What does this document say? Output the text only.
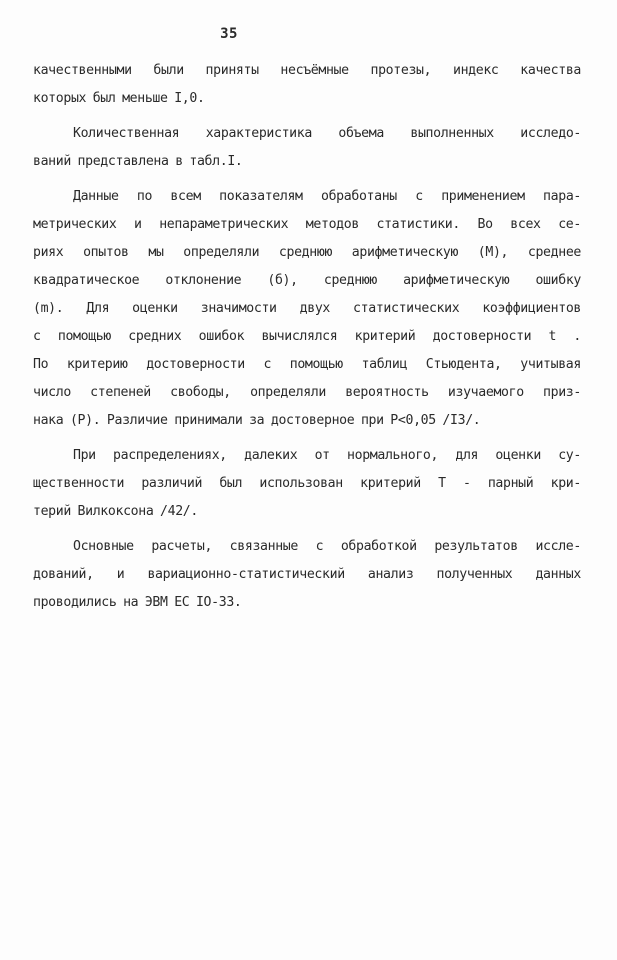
35
качественными были приняты несъёмные протезы, индекс качества
которых был меньше I,0.
Количественная характеристика объема выполненных исследо-
ваний представлена в табл.I.
Данные по всем показателям обработаны с применением пара-
метрических и непараметрических методов статистики. Во всех се-
риях опытов мы определяли среднюю арифметическую (М), среднее
квадратическое отклонение (б), среднюю арифметическую ошибку
(m). Для оценки значимости двух статистических коэффициентов
с помощью средних ошибок вычислялся критерий достоверности t .
По критерию достоверности с помощью таблиц Стьюдента, учитывая
число степеней свободы, определяли вероятность изучаемого приз-
нака (Р). Различие принимали за достоверное при Р<0,05 /I3/.
При распределениях, далеких от нормального, для оценки су-
щественности различий был использован критерий Т - парный кри-
терий Вилкоксона /42/.
Основные расчеты, связанные с обработкой результатов иссле-
дований, и вариационно-статистический анализ полученных данных
проводились на ЭВМ ЕС IO-33.
